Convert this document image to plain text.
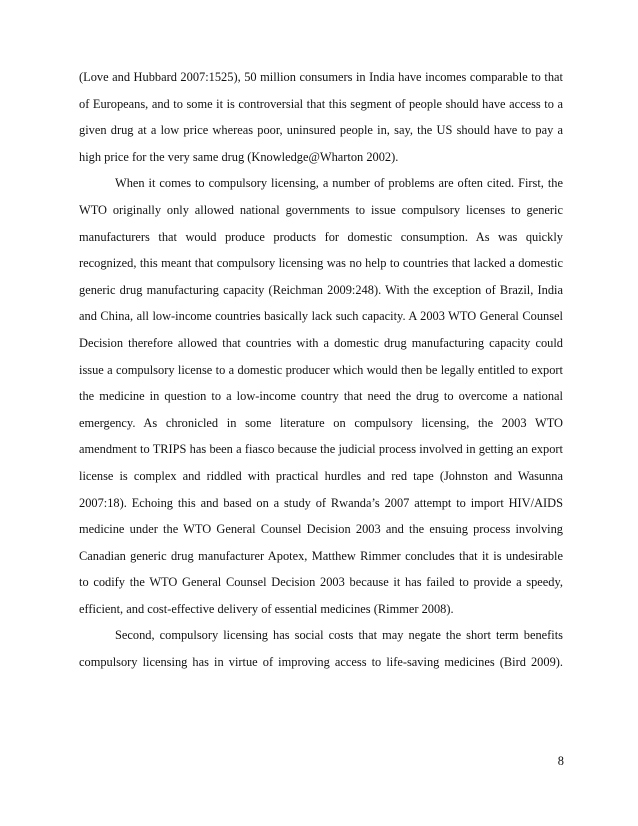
(Love and Hubbard 2007:1525), 50 million consumers in India have incomes comparable to that
of Europeans, and to some it is controversial that this segment of people should have access to a
given drug at a low price whereas poor, uninsured people in, say, the US should have to pay a
high price for the very same drug (Knowledge@Wharton 2002).
When it comes to compulsory licensing, a number of problems are often cited. First, the
WTO originally only allowed national governments to issue compulsory licenses to generic
manufacturers that would produce products for domestic consumption. As was quickly
recognized, this meant that compulsory licensing was no help to countries that lacked a domestic
generic drug manufacturing capacity (Reichman 2009:248). With the exception of Brazil, India
and China, all low-income countries basically lack such capacity. A 2003 WTO General Counsel
Decision therefore allowed that countries with a domestic drug manufacturing capacity could
issue a compulsory license to a domestic producer which would then be legally entitled to export
the medicine in question to a low-income country that need the drug to overcome a national
emergency. As chronicled in some literature on compulsory licensing, the 2003 WTO
amendment to TRIPS has been a fiasco because the judicial process involved in getting an export
license is complex and riddled with practical hurdles and red tape (Johnston and Wasunna
2007:18). Echoing this and based on a study of Rwanda’s 2007 attempt to import HIV/AIDS
medicine under the WTO General Counsel Decision 2003 and the ensuing process involving
Canadian generic drug manufacturer Apotex, Matthew Rimmer concludes that it is undesirable
to codify the WTO General Counsel Decision 2003 because it has failed to provide a speedy,
efficient, and cost-effective delivery of essential medicines (Rimmer 2008).
Second, compulsory licensing has social costs that may negate the short term benefits
compulsory licensing has in virtue of improving access to life-saving medicines (Bird 2009).
8
